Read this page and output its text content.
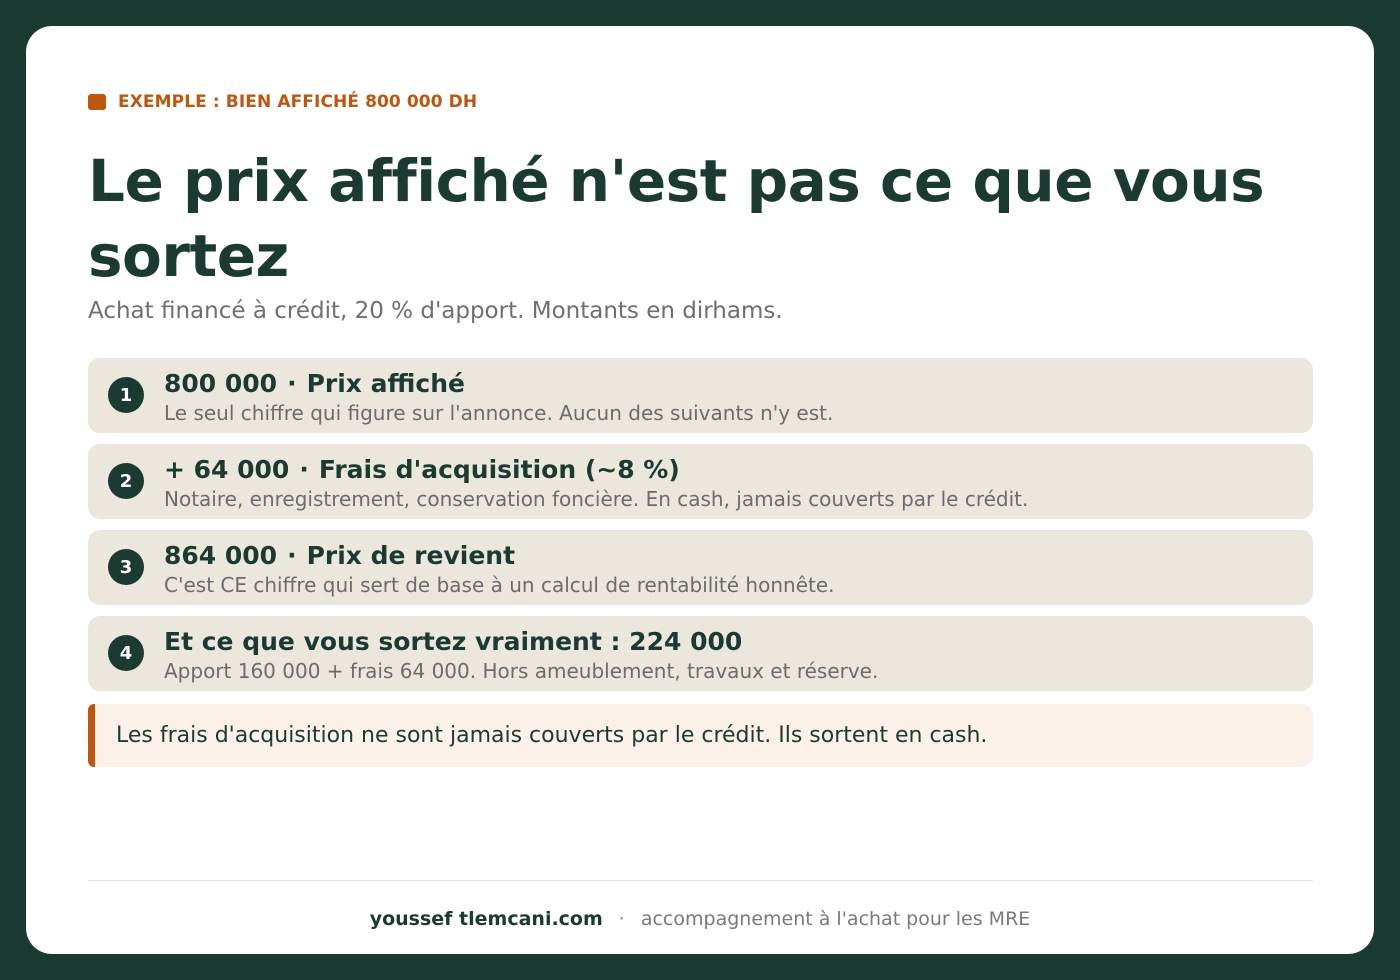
EXEMPLE : BIEN AFFICHÉ 800 000 DH
Le prix affiché n'est pas ce que vous sortez

Achat financé à crédit, 20 % d'apport. Montants en dirhams.

1	800 000 · Prix affiché
Le seul chiffre qui figure sur l'annonce. Aucun des suivants n'y est.
2	+ 64 000 · Frais d'acquisition (~8 %)
Notaire, enregistrement, conservation foncière. En cash, jamais couverts par le crédit.
3	864 000 · Prix de revient
C'est CE chiffre qui sert de base à un calcul de rentabilité honnête.
4	Et ce que vous sortez vraiment : 224 000
Apport 160 000 + frais 64 000. Hors ameublement, travaux et réserve.
Les frais d'acquisition ne sont jamais couverts par le crédit. Ils sortent en cash.
youssef tlemcani.com · accompagnement à l'achat pour les MRE
